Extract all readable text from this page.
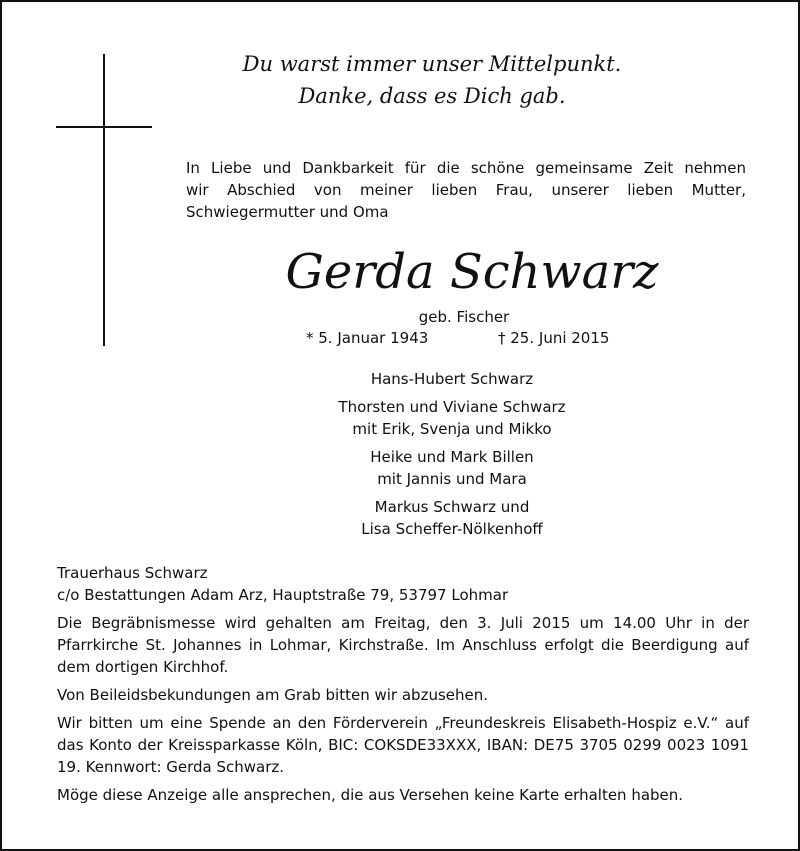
Du warst immer unser Mittelpunkt.
Danke, dass es Dich gab.

In Liebe und Dankbarkeit für die schöne gemeinsame Zeit nehmen

wir Abschied von meiner lieben Frau, unserer lieben Mutter,

Schwiegermutter und Oma

Gerda Schwarz
geb. Fischer
* 5. Januar 1943	† 25. Juni 2015
Hans-Hubert Schwarz
Thorsten und Viviane Schwarz
mit Erik, Svenja und Mikko
Heike und Mark Billen
mit Jannis und Mara
Markus Schwarz und
Lisa Scheffer-Nölkenhoff
Trauerhaus Schwarz
c/o Bestattungen Adam Arz, Hauptstraße 79, 53797 Lohmar

Die Begräbnismesse wird gehalten am Freitag, den 3. Juli 2015 um 14.00 Uhr in der Pfarrkirche St. Johannes in Lohmar, Kirchstraße. Im Anschluss erfolgt die Beerdigung auf dem dortigen Kirchhof.

Von Beileidsbekundungen am Grab bitten wir abzusehen.

Wir bitten um eine Spende an den Förderverein „Freundeskreis Elisabeth-Hospiz e.V.“ auf das Konto der Kreissparkasse Köln, BIC: COKSDE33XXX, IBAN: DE75 3705 0299 0023 1091 19. Kennwort: Gerda Schwarz.

Möge diese Anzeige alle ansprechen, die aus Versehen keine Karte erhalten haben.
